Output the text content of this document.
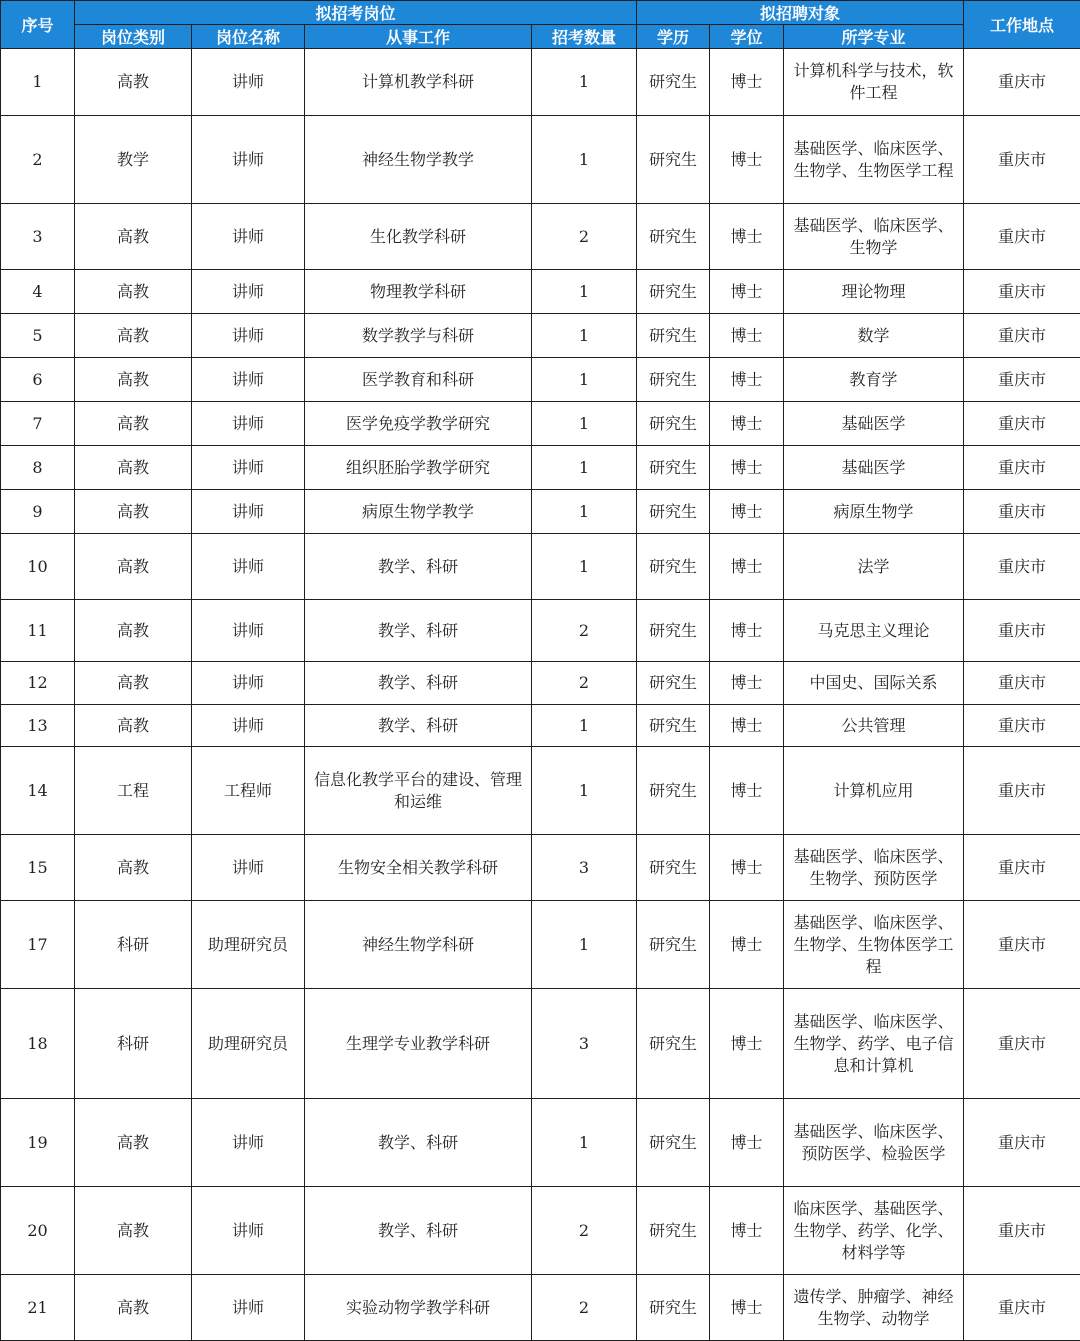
序号	拟招考岗位				拟招聘对象			工作地点
	岗位类别	岗位名称	从事工作	招考数量	学历	学位	所学专业	
1	高教	讲师	计算机教学科研	1	研究生	博士	计算机科学与技术，软件工程	重庆市
2	教学	讲师	神经生物学教学	1	研究生	博士	基础医学、临床医学、生物学、生物医学工程	重庆市
3	高教	讲师	生化教学科研	2	研究生	博士	基础医学、临床医学、生物学	重庆市
4	高教	讲师	物理教学科研	1	研究生	博士	理论物理	重庆市
5	高教	讲师	数学教学与科研	1	研究生	博士	数学	重庆市
6	高教	讲师	医学教育和科研	1	研究生	博士	教育学	重庆市
7	高教	讲师	医学免疫学教学研究	1	研究生	博士	基础医学	重庆市
8	高教	讲师	组织胚胎学教学研究	1	研究生	博士	基础医学	重庆市
9	高教	讲师	病原生物学教学	1	研究生	博士	病原生物学	重庆市
10	高教	讲师	教学、科研	1	研究生	博士	法学	重庆市
11	高教	讲师	教学、科研	2	研究生	博士	马克思主义理论	重庆市
12	高教	讲师	教学、科研	2	研究生	博士	中国史、国际关系	重庆市
13	高教	讲师	教学、科研	1	研究生	博士	公共管理	重庆市
14	工程	工程师	信息化教学平台的建设、管理和运维	1	研究生	博士	计算机应用	重庆市
15	高教	讲师	生物安全相关教学科研	3	研究生	博士	基础医学、临床医学、生物学、预防医学	重庆市
17	科研	助理研究员	神经生物学科研	1	研究生	博士	基础医学、临床医学、生物学、生物体医学工程	重庆市
18	科研	助理研究员	生理学专业教学科研	3	研究生	博士	基础医学、临床医学、生物学、药学、电子信息和计算机	重庆市
19	高教	讲师	教学、科研	1	研究生	博士	基础医学、临床医学、预防医学、检验医学	重庆市
20	高教	讲师	教学、科研	2	研究生	博士	临床医学、基础医学、生物学、药学、化学、材料学等	重庆市
21	高教	讲师	实验动物学教学科研	2	研究生	博士	遗传学、肿瘤学、神经生物学、动物学	重庆市
